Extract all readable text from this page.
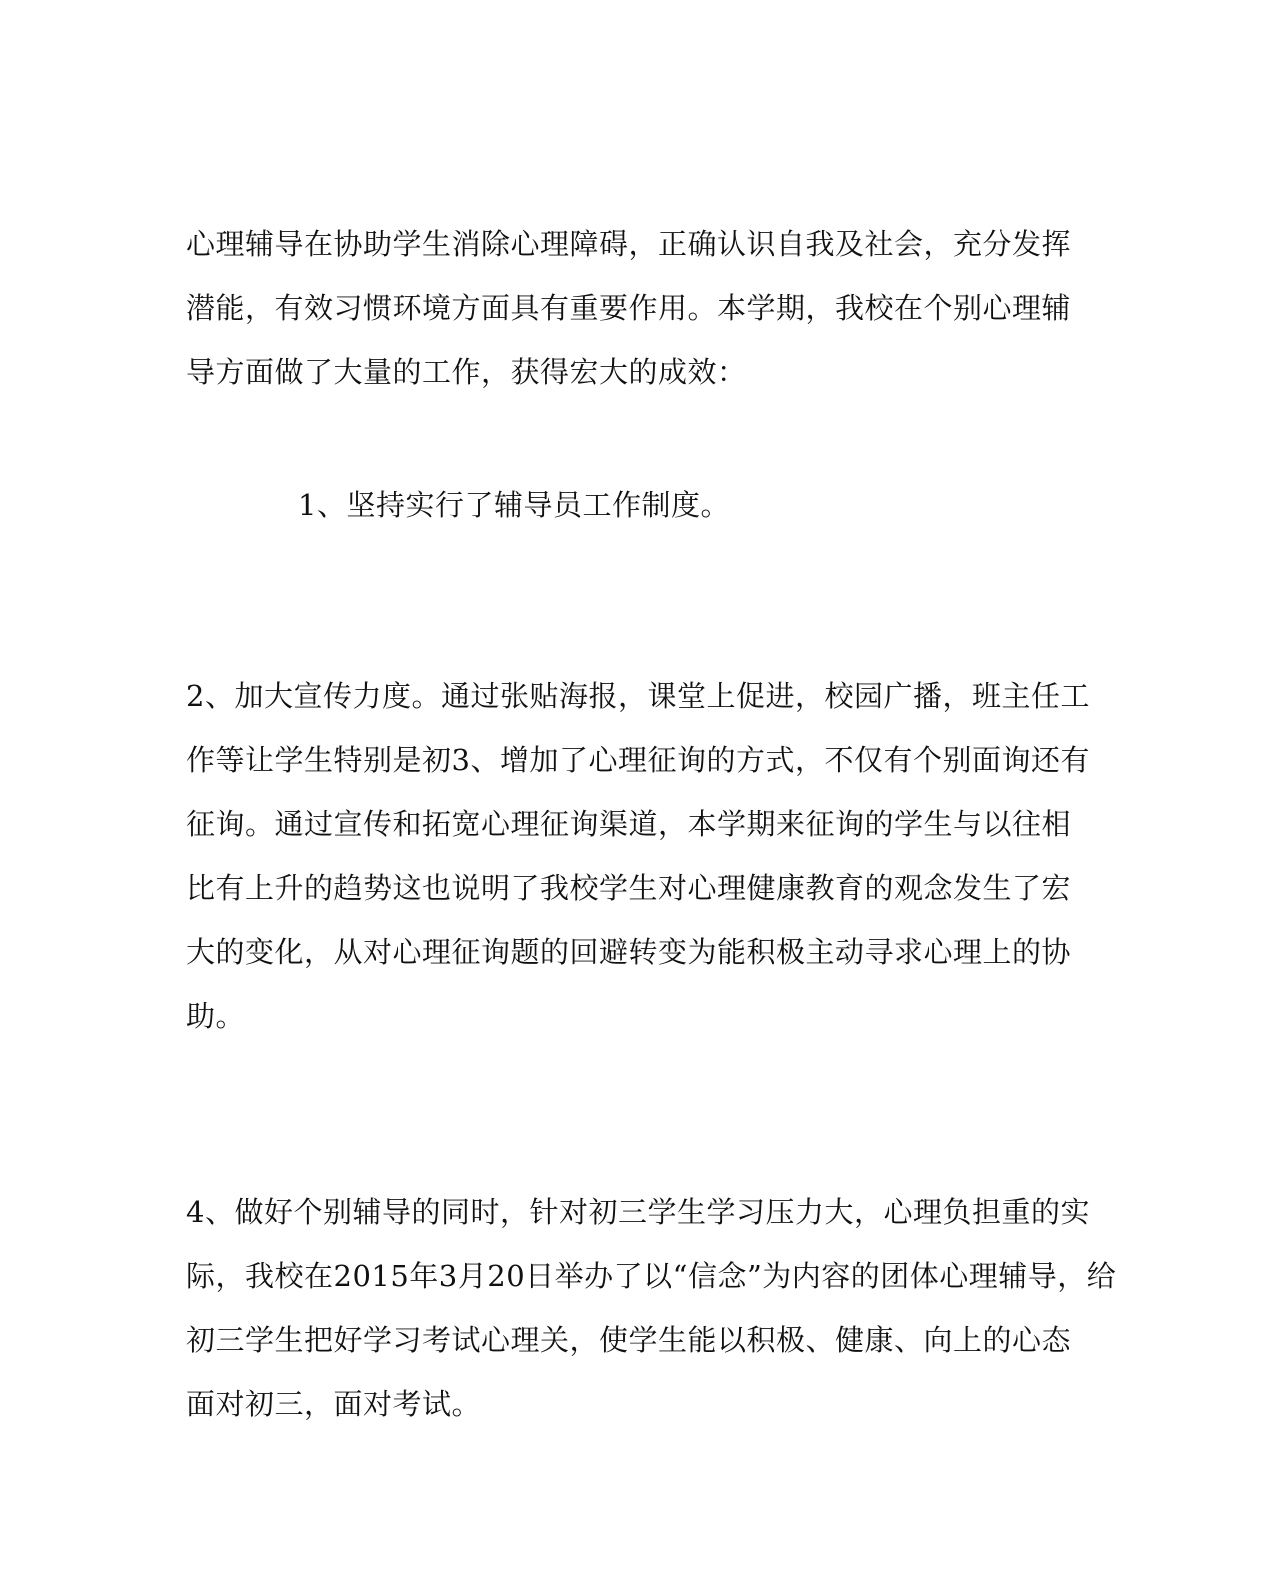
心理辅导在协助学生消除心理障碍，正确认识自我及社会，充分发挥
潜能，有效习惯环境方面具有重要作用。本学期，我校在个别心理辅
导方面做了大量的工作，获得宏大的成效：

1、坚持实行了辅导员工作制度。

2、加大宣传力度。通过张贴海报，课堂上促进，校园广播，班主任工
作等让学生特别是初3、增加了心理征询的方式，不仅有个别面询还有
征询。通过宣传和拓宽心理征询渠道，本学期来征询的学生与以往相
比有上升的趋势这也说明了我校学生对心理健康教育的观念发生了宏
大的变化，从对心理征询题的回避转变为能积极主动寻求心理上的协
助。

4、做好个别辅导的同时，针对初三学生学习压力大，心理负担重的实
际，我校在2015年3月20日举办了以“信念”为内容的团体心理辅导，给
初三学生把好学习考试心理关，使学生能以积极、健康、向上的心态
面对初三，面对考试。
